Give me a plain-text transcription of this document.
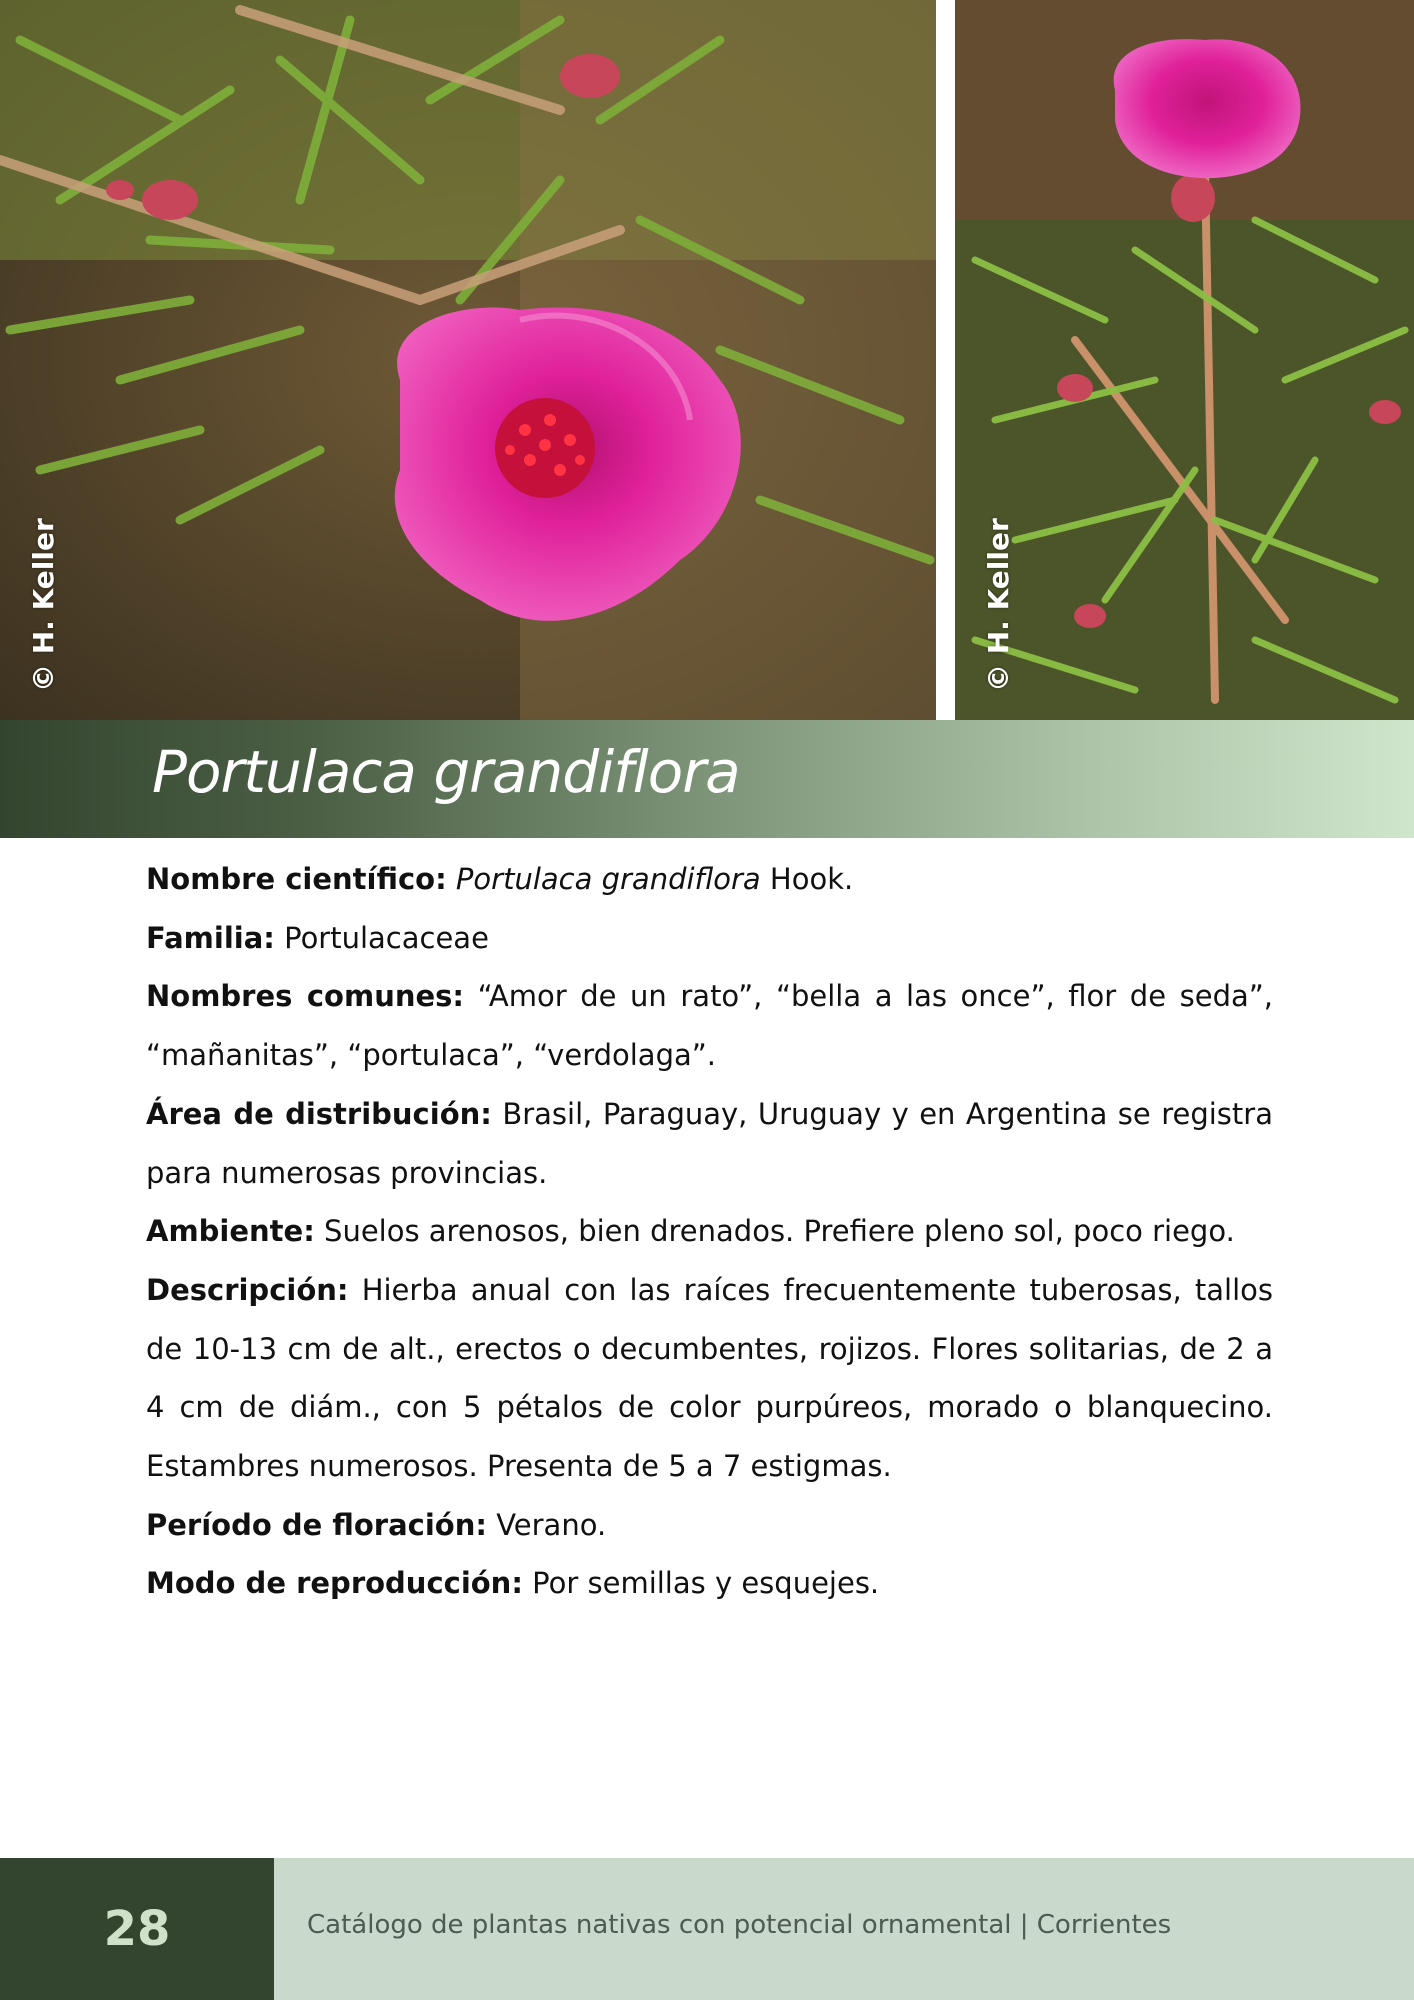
© H. Keller	© H. Keller
Portulaca grandiflora

Nombre científico: Portulaca grandiflora Hook.

Familia: Portulacaceae

Nombres comunes: “Amor de un rato”, “bella a las once”, flor de seda”, “mañanitas”, “portulaca”, “verdolaga”.

Área de distribución: Brasil, Paraguay, Uruguay y en Argentina se registra para numerosas provincias.

Ambiente: Suelos arenosos, bien drenados. Prefiere pleno sol, poco riego.

Descripción: Hierba anual con las raíces frecuentemente tuberosas, tallos de 10-13 cm de alt., erectos o decumbentes, rojizos. Flores solitarias, de 2 a 4 cm de diám., con 5 pétalos de color purpúreos, morado o blanquecino. Estambres numerosos. Presenta de 5 a 7 estigmas.

Período de floración: Verano.

Modo de reproducción: Por semillas y esquejes.

28	Catálogo de plantas nativas con potencial ornamental | Corrientes
